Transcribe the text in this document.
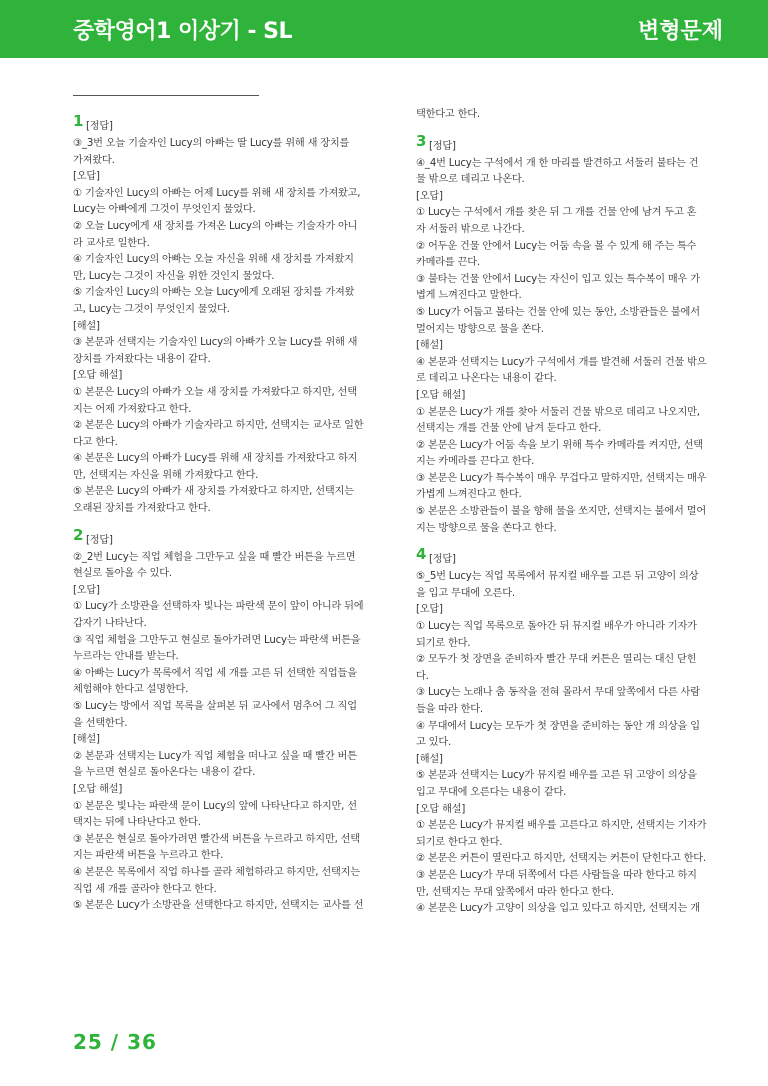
중학영어1 이상기 - SL	변형문제
1 [정답]

③_3번 오늘 기술자인 Lucy의 아빠는 딸 Lucy를 위해 새 장치를

가져왔다.

[오답]

① 기술자인 Lucy의 아빠는 어제 Lucy를 위해 새 장치를 가져왔고,

Lucy는 아빠에게 그것이 무엇인지 물었다.

② 오늘 Lucy에게 새 장치를 가져온 Lucy의 아빠는 기술자가 아니

라 교사로 일한다.

④ 기술자인 Lucy의 아빠는 오늘 자신을 위해 새 장치를 가져왔지

만, Lucy는 그것이 자신을 위한 것인지 물었다.

⑤ 기술자인 Lucy의 아빠는 오늘 Lucy에게 오래된 장치를 가져왔

고, Lucy는 그것이 무엇인지 물었다.

[해설]

③ 본문과 선택지는 기술자인 Lucy의 아빠가 오늘 Lucy를 위해 새

장치를 가져왔다는 내용이 같다.

[오답 해설]

① 본문은 Lucy의 아빠가 오늘 새 장치를 가져왔다고 하지만, 선택

지는 어제 가져왔다고 한다.

② 본문은 Lucy의 아빠가 기술자라고 하지만, 선택지는 교사로 일한

다고 한다.

④ 본문은 Lucy의 아빠가 Lucy를 위해 새 장치를 가져왔다고 하지

만, 선택지는 자신을 위해 가져왔다고 한다.

⑤ 본문은 Lucy의 아빠가 새 장치를 가져왔다고 하지만, 선택지는

오래된 장치를 가져왔다고 한다.

2 [정답]

②_2번 Lucy는 직업 체험을 그만두고 싶을 때 빨간 버튼을 누르면

현실로 돌아올 수 있다.

[오답]

① Lucy가 소방관을 선택하자 빛나는 파란색 문이 앞이 아니라 뒤에

갑자기 나타난다.

③ 직업 체험을 그만두고 현실로 돌아가려면 Lucy는 파란색 버튼을

누르라는 안내를 받는다.

④ 아빠는 Lucy가 목록에서 직업 세 개를 고른 뒤 선택한 직업들을

체험해야 한다고 설명한다.

⑤ Lucy는 방에서 직업 목록을 살펴본 뒤 교사에서 멈추어 그 직업

을 선택한다.

[해설]

② 본문과 선택지는 Lucy가 직업 체험을 떠나고 싶을 때 빨간 버튼

을 누르면 현실로 돌아온다는 내용이 같다.

[오답 해설]

① 본문은 빛나는 파란색 문이 Lucy의 앞에 나타난다고 하지만, 선

택지는 뒤에 나타난다고 한다.

③ 본문은 현실로 돌아가려면 빨간색 버튼을 누르라고 하지만, 선택

지는 파란색 버튼을 누르라고 한다.

④ 본문은 목록에서 직업 하나를 골라 체험하라고 하지만, 선택지는

직업 세 개를 골라야 한다고 한다.

⑤ 본문은 Lucy가 소방관을 선택한다고 하지만, 선택지는 교사를 선

택한다고 한다.

3 [정답]

④_4번 Lucy는 구석에서 개 한 마리를 발견하고 서둘러 불타는 건

물 밖으로 데리고 나온다.

[오답]

① Lucy는 구석에서 개를 찾은 뒤 그 개를 건물 안에 남겨 두고 혼

자 서둘러 밖으로 나간다.

② 어두운 건물 안에서 Lucy는 어둠 속을 볼 수 있게 해 주는 특수

카메라를 끈다.

③ 불타는 건물 안에서 Lucy는 자신이 입고 있는 특수복이 매우 가

볍게 느껴진다고 말한다.

⑤ Lucy가 어둡고 불타는 건물 안에 있는 동안, 소방관들은 불에서

멀어지는 방향으로 물을 쏜다.

[해설]

④ 본문과 선택지는 Lucy가 구석에서 개를 발견해 서둘러 건물 밖으

로 데리고 나온다는 내용이 같다.

[오답 해설]

① 본문은 Lucy가 개를 찾아 서둘러 건물 밖으로 데리고 나오지만,

선택지는 개를 건물 안에 남겨 둔다고 한다.

② 본문은 Lucy가 어둠 속을 보기 위해 특수 카메라를 켜지만, 선택

지는 카메라를 끈다고 한다.

③ 본문은 Lucy가 특수복이 매우 무겁다고 말하지만, 선택지는 매우

가볍게 느껴진다고 한다.

⑤ 본문은 소방관들이 불을 향해 물을 쏘지만, 선택지는 불에서 멀어

지는 방향으로 물을 쏜다고 한다.

4 [정답]

⑤_5번 Lucy는 직업 목록에서 뮤지컬 배우를 고른 뒤 고양이 의상

을 입고 무대에 오른다.

[오답]

① Lucy는 직업 목록으로 돌아간 뒤 뮤지컬 배우가 아니라 기자가

되기로 한다.

② 모두가 첫 장면을 준비하자 빨간 무대 커튼은 열리는 대신 닫힌

다.

③ Lucy는 노래나 춤 동작을 전혀 몰라서 무대 앞쪽에서 다른 사람

들을 따라 한다.

④ 무대에서 Lucy는 모두가 첫 장면을 준비하는 동안 개 의상을 입

고 있다.

[해설]

⑤ 본문과 선택지는 Lucy가 뮤지컬 배우를 고른 뒤 고양이 의상을

입고 무대에 오른다는 내용이 같다.

[오답 해설]

① 본문은 Lucy가 뮤지컬 배우를 고른다고 하지만, 선택지는 기자가

되기로 한다고 한다.

② 본문은 커튼이 열린다고 하지만, 선택지는 커튼이 닫힌다고 한다.

③ 본문은 Lucy가 무대 뒤쪽에서 다른 사람들을 따라 한다고 하지

만, 선택지는 무대 앞쪽에서 따라 한다고 한다.

④ 본문은 Lucy가 고양이 의상을 입고 있다고 하지만, 선택지는 개

25 / 36
